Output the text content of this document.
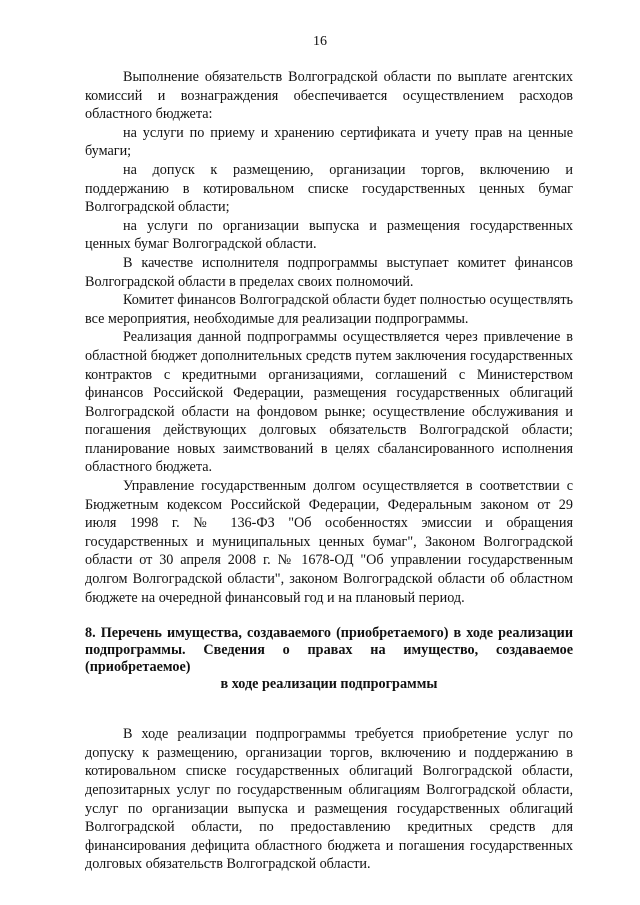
16

Выполнение обязательств Волгоградской области по выплате агентских комиссий и вознаграждения обеспечивается осуществлением расходов областного бюджета:

на услуги по приему и хранению сертификата и учету прав на ценные бумаги;

на допуск к размещению, организации торгов, включению и поддержанию в котировальном списке государственных ценных бумаг Волгоградской области;

на услуги по организации выпуска и размещения государственных ценных бумаг Волгоградской области.

В качестве исполнителя подпрограммы выступает комитет финансов Волгоградской области в пределах своих полномочий.

Комитет финансов Волгоградской области будет полностью осуществлять все мероприятия, необходимые для реализации подпрограммы.

Реализация данной подпрограммы осуществляется через привлечение в областной бюджет дополнительных средств путем заключения государственных контрактов с кредитными организациями, соглашений с Министерством финансов Российской Федерации, размещения государственных облигаций Волгоградской области на фондовом рынке; осуществление обслуживания и погашения действующих долговых обязательств Волгоградской области; планирование новых заимствований в целях сбалансированного исполнения областного бюджета.

Управление государственным долгом осуществляется в соответствии с Бюджетным кодексом Российской Федерации, Федеральным законом от 29 июля 1998 г. № 136-ФЗ "Об особенностях эмиссии и обращения государственных и муниципальных ценных бумаг", Законом Волгоградской области от 30 апреля 2008 г. № 1678-ОД "Об управлении государственным долгом Волгоградской области", законом Волгоградской области об областном бюджете на очередной финансовый год и на плановый период.

8. Перечень имущества, создаваемого (приобретаемого) в ходе реализации
подпрограммы. Сведения о правах на имущество, создаваемое (приобретаемое)
в ходе реализации подпрограммы

В ходе реализации подпрограммы требуется приобретение услуг по допуску к размещению, организации торгов, включению и поддержанию в котировальном списке государственных облигаций Волгоградской области, депозитарных услуг по государственным облигациям Волгоградской области, услуг по организации выпуска и размещения государственных облигаций Волгоградской области, по предоставлению кредитных средств для финансирования дефицита областного бюджета и погашения государственных долговых обязательств Волгоградской области.
